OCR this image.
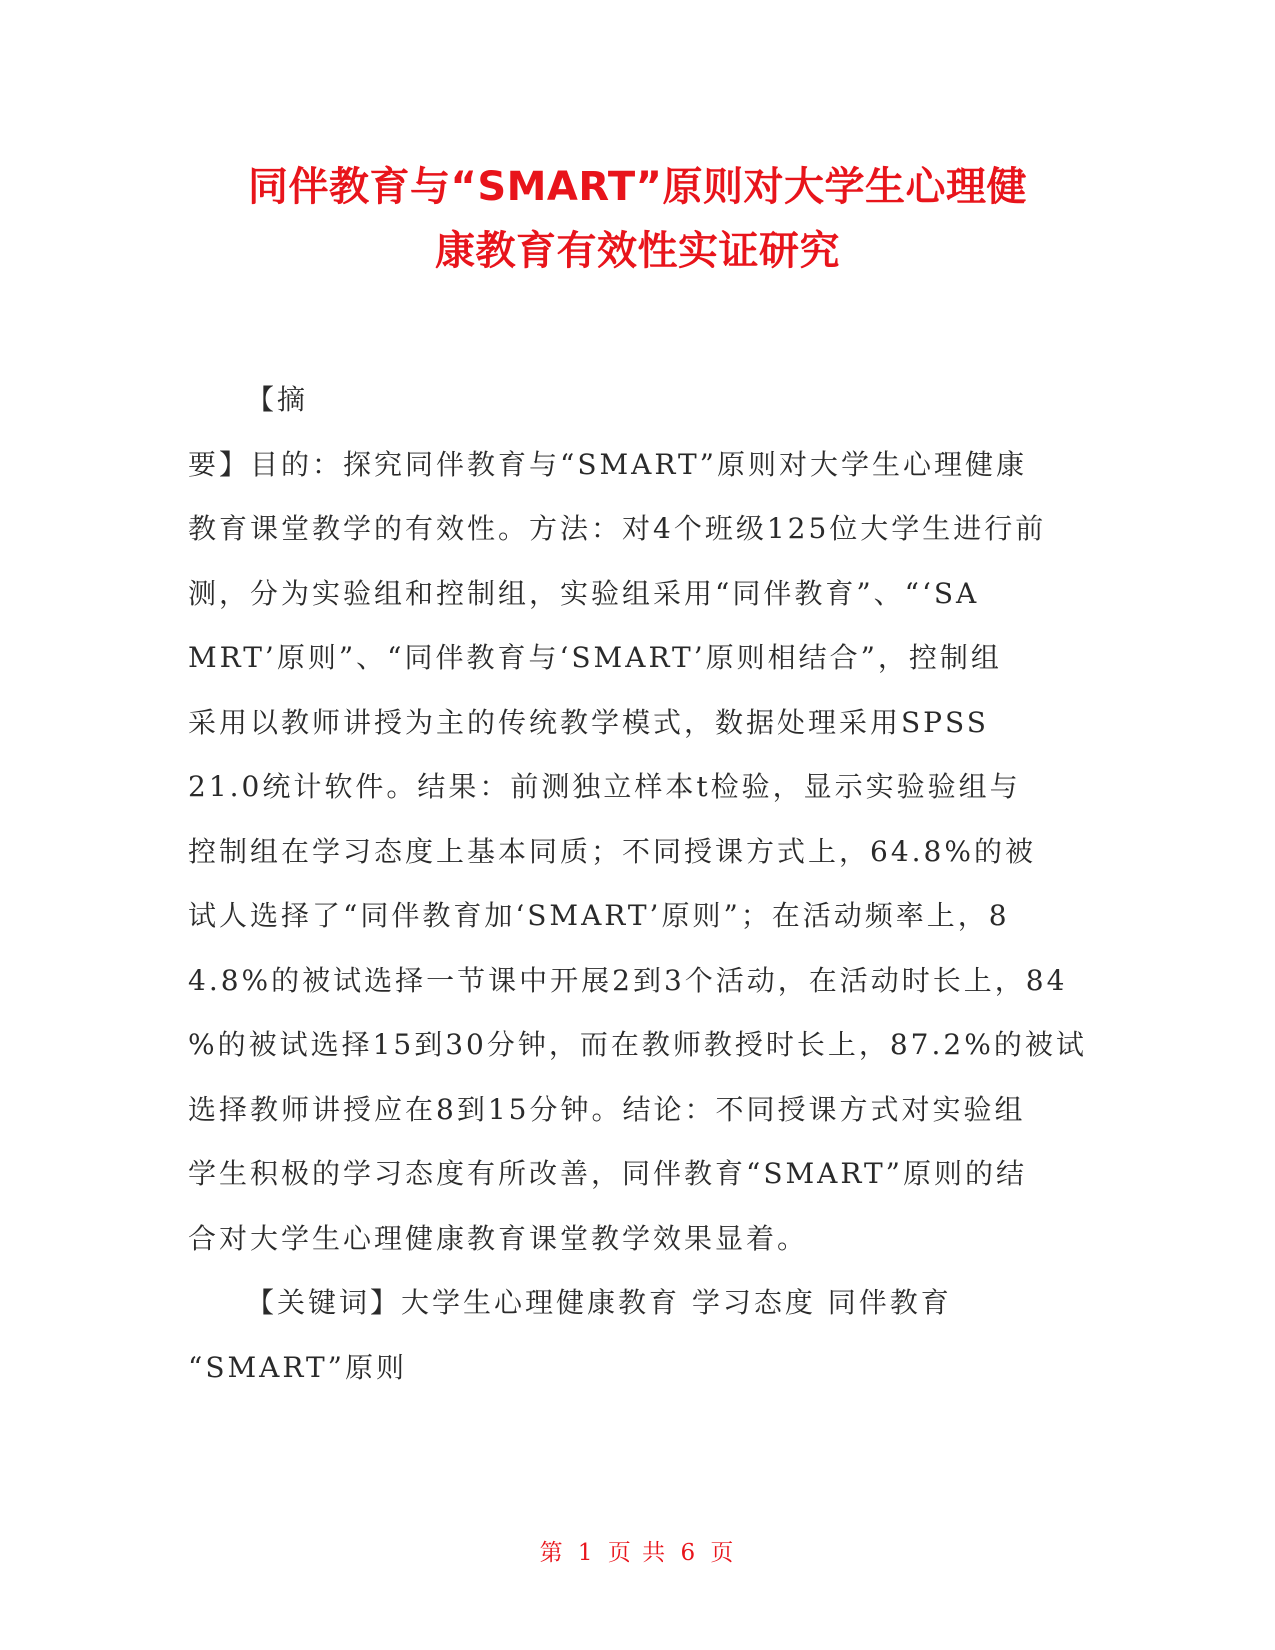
同伴教育与“SMART”原则对大学生心理健
康教育有效性实证研究
【摘
要】目的：探究同伴教育与“SMART”原则对大学生心理健康
教育课堂教学的有效性。方法：对4个班级125位大学生进行前
测，分为实验组和控制组，实验组采用“同伴教育”、“‘SA
MRT’原则”、“同伴教育与‘SMART’原则相结合”，控制组
采用以教师讲授为主的传统教学模式，数据处理采用SPSS
21.0统计软件。结果：前测独立样本t检验，显示实验验组与
控制组在学习态度上基本同质；不同授课方式上，64.8%的被
试人选择了“同伴教育加‘SMART’原则”；在活动频率上，8
4.8%的被试选择一节课中开展2到3个活动，在活动时长上，84
%的被试选择15到30分钟，而在教师教授时长上，87.2%的被试
选择教师讲授应在8到15分钟。结论：不同授课方式对实验组
学生积极的学习态度有所改善，同伴教育“SMART”原则的结
合对大学生心理健康教育课堂教学效果显着。
【关键词】大学生心理健康教育 学习态度 同伴教育
“SMART”原则
第 1 页 共 6 页
